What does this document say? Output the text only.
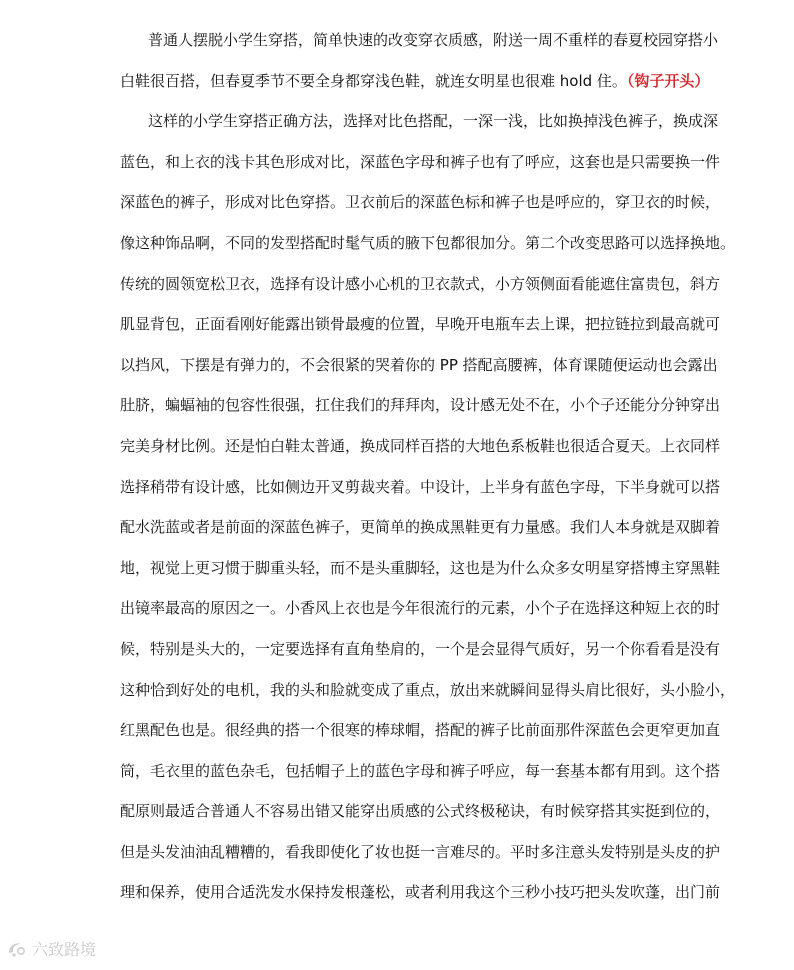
普通人摆脱小学生穿搭，简单快速的改变穿衣质感，附送一周不重样的春夏校园穿搭小
白鞋很百搭，但春夏季节不要全身都穿浅色鞋，就连女明星也很难 hold 住。（钩子开头）
这样的小学生穿搭正确方法，选择对比色搭配，一深一浅，比如换掉浅色裤子，换成深
蓝色，和上衣的浅卡其色形成对比，深蓝色字母和裤子也有了呼应，这套也是只需要换一件
深蓝色的裤子，形成对比色穿搭。卫衣前后的深蓝色标和裤子也是呼应的，穿卫衣的时候，
像这种饰品啊，不同的发型搭配时髦气质的腋下包都很加分。第二个改变思路可以选择换地。
传统的圆领宽松卫衣，选择有设计感小心机的卫衣款式，小方领侧面看能遮住富贵包，斜方
肌显背包，正面看刚好能露出锁骨最瘦的位置，早晚开电瓶车去上课，把拉链拉到最高就可
以挡风，下摆是有弹力的，不会很紧的哭着你的 PP 搭配高腰裤，体育课随便运动也会露出
肚脐，蝙蝠袖的包容性很强，扛住我们的拜拜肉，设计感无处不在，小个子还能分分钟穿出
完美身材比例。还是怕白鞋太普通，换成同样百搭的大地色系板鞋也很适合夏天。上衣同样
选择稍带有设计感，比如侧边开叉剪裁夹着。中设计，上半身有蓝色字母，下半身就可以搭
配水洗蓝或者是前面的深蓝色裤子，更简单的换成黑鞋更有力量感。我们人本身就是双脚着
地，视觉上更习惯于脚重头轻，而不是头重脚轻，这也是为什么众多女明星穿搭博主穿黑鞋
出镜率最高的原因之一。小香风上衣也是今年很流行的元素，小个子在选择这种短上衣的时
候，特别是头大的，一定要选择有直角垫肩的，一个是会显得气质好，另一个你看看是没有
这种恰到好处的电机，我的头和脸就变成了重点，放出来就瞬间显得头肩比很好，头小脸小，
红黑配色也是。很经典的搭一个很寒的棒球帽，搭配的裤子比前面那件深蓝色会更窄更加直
筒，毛衣里的蓝色杂毛，包括帽子上的蓝色字母和裤子呼应，每一套基本都有用到。这个搭
配原则最适合普通人不容易出错又能穿出质感的公式终极秘诀，有时候穿搭其实挺到位的，
但是头发油油乱糟糟的，看我即使化了妆也挺一言难尽的。平时多注意头发特别是头皮的护
理和保养，使用合适洗发水保持发根蓬松，或者利用我这个三秒小技巧把头发吹蓬，出门前
六致路境
